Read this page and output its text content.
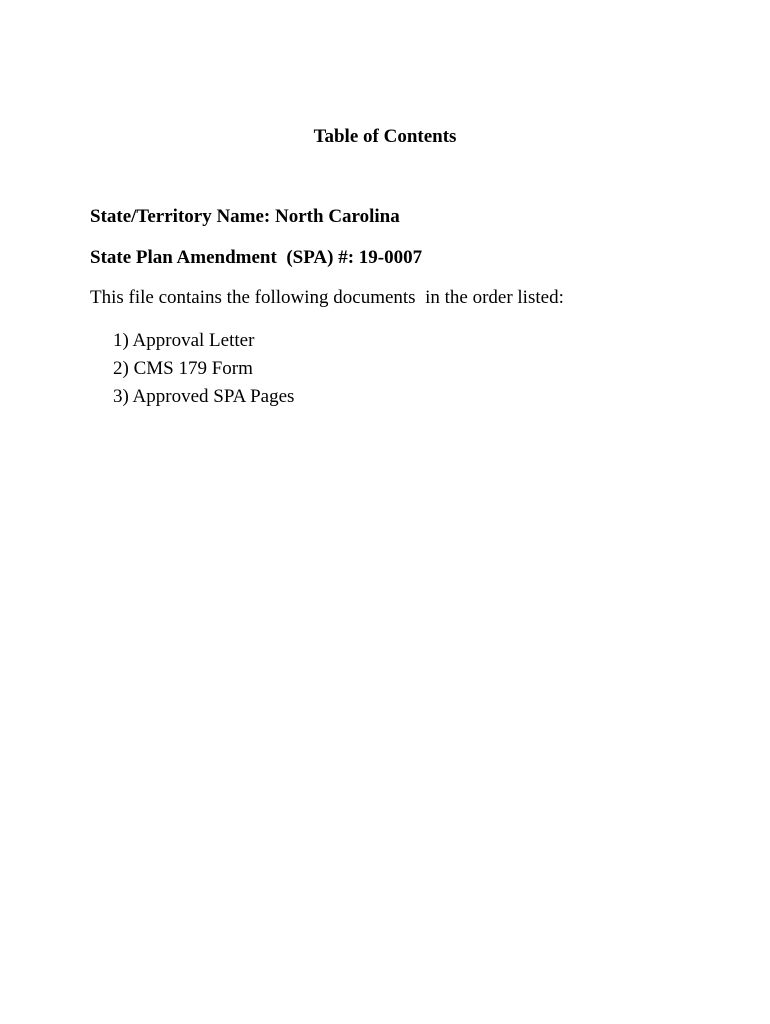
Table of Contents

State/Territory Name: North Carolina

State Plan Amendment  (SPA) #: 19-0007

This file contains the following documents  in the order listed:

1) Approval Letter
2) CMS 179 Form
3) Approved SPA Pages
